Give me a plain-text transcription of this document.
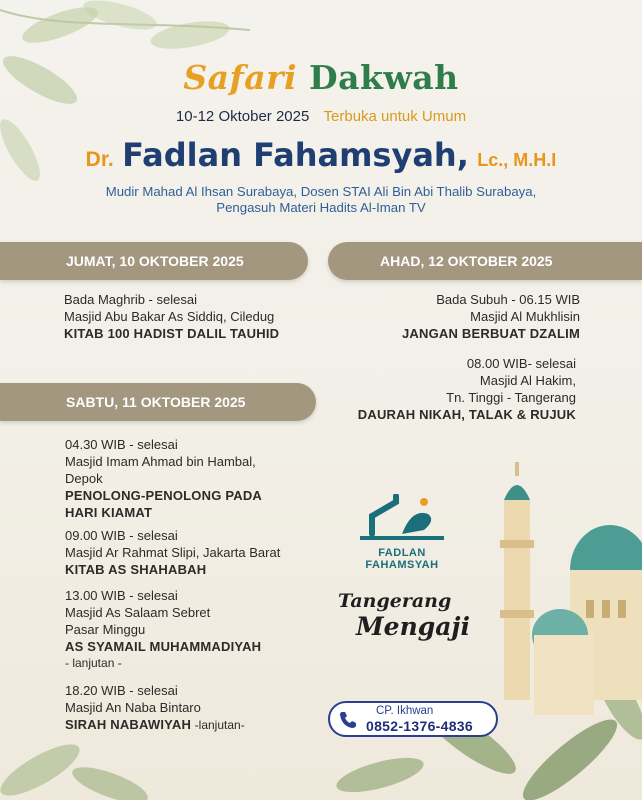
Safari Dakwah
10-12 Oktober 2025 Terbuka untuk Umum
Dr. Fadlan Fahamsyah, Lc., M.H.I
Mudir Mahad Al Ihsan Surabaya, Dosen STAI Ali Bin Abi Thalib Surabaya,
Pengasuh Materi Hadits Al-Iman TV
JUMAT, 10 OKTOBER 2025	AHAD, 12 OKTOBER 2025
SABTU, 11 OKTOBER 2025
Bada Maghrib - selesai
Masjid Abu Bakar As Siddiq, Ciledug
KITAB 100 HADIST DALIL TAUHID
Bada Subuh - 06.15 WIB
Masjid Al Mukhlisin
JANGAN BERBUAT DZALIM
08.00 WIB- selesai
Masjid Al Hakim,
Tn. Tinggi - Tangerang
DAURAH NIKAH, TALAK & RUJUK
04.30 WIB - selesai
Masjid Imam Ahmad bin Hambal,
Depok
PENOLONG-PENOLONG PADA
HARI KIAMAT
09.00 WIB - selesai
Masjid Ar Rahmat Slipi, Jakarta Barat
KITAB AS SHAHABAH
13.00 WIB - selesai
Masjid As Salaam Sebret
Pasar Minggu
AS SYAMAIL MUHAMMADIYAH
- lanjutan -
18.20 WIB - selesai
Masjid An Naba Bintaro
SIRAH NABAWIYAH -lanjutan-
FADLAN
FAHAMSYAH
Tangerang
Mengaji
CP. Ikhwan
0852-1376-4836
